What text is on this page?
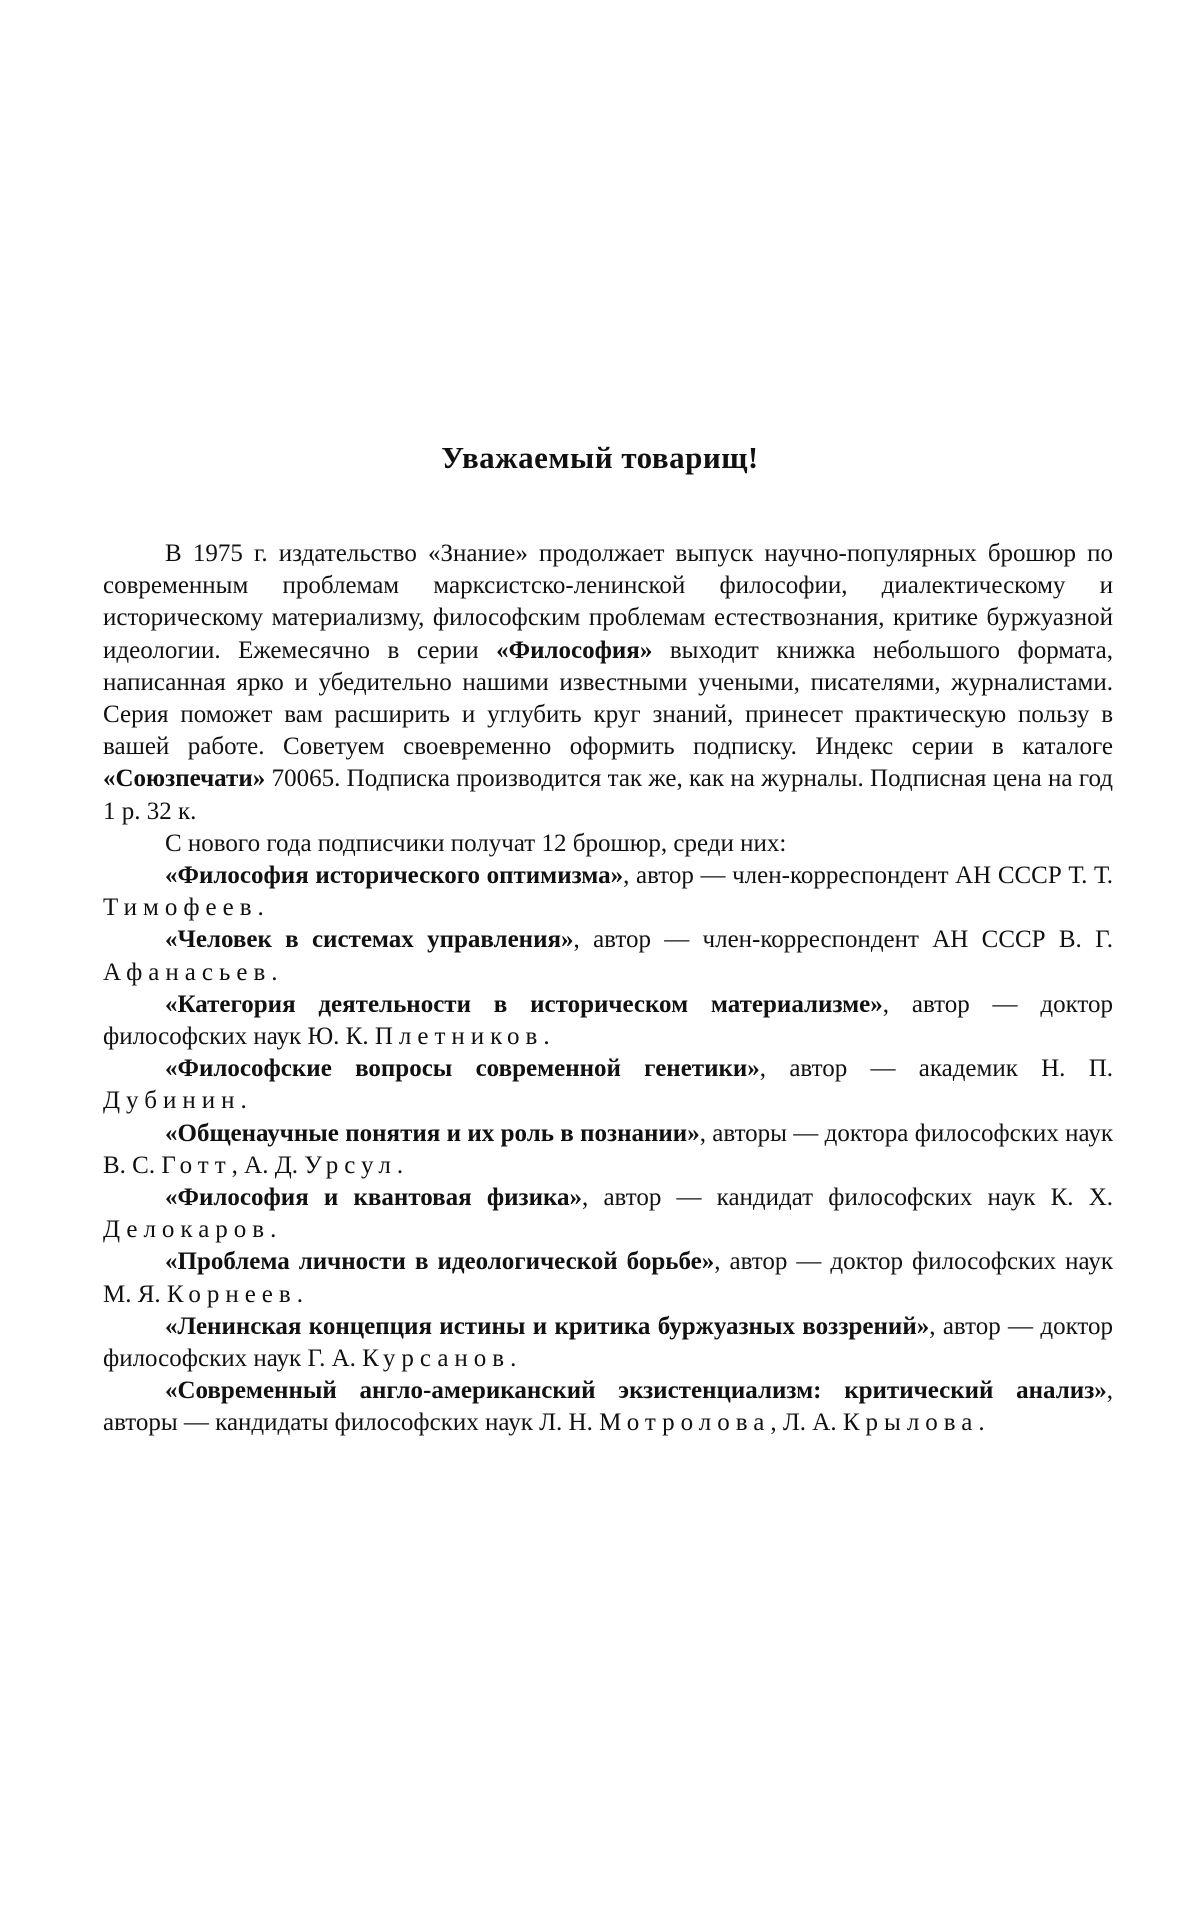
Уважаемый товарищ!

В 1975 г. издательство «Знание» продолжает выпуск научно-популярных брошюр по современным проблемам марксистско-ленинской философии, диалектическому и историческому материализму, философским проблемам естествознания, критике буржуазной идеологии. Ежемесячно в серии «Философия» выходит книжка небольшого формата, написанная ярко и убедительно нашими известными учеными, писателями, журналистами. Серия поможет вам расширить и углубить круг знаний, принесет практическую пользу в вашей работе. Советуем своевременно оформить подписку. Индекс серии в каталоге «Союзпечати» 70065. Подписка производится так же, как на журналы. Подписная цена на год 1 р. 32 к.

С нового года подписчики получат 12 брошюр, среди них:

«Философия исторического оптимизма», автор — член-корреспондент АН СССР Т. Т. Тимофеев.

«Человек в системах управления», автор — член-корреспондент АН СССР В. Г. Афанасьев.

«Категория деятельности в историческом материализме», автор — доктор философских наук Ю. К. Плетников.

«Философские вопросы современной генетики», автор — академик Н. П. Дубинин.

«Общенаучные понятия и их роль в познании», авторы — доктора философских наук В. С. Готт, А. Д. Урсул.

«Философия и квантовая физика», автор — кандидат философских наук К. Х. Делокаров.

«Проблема личности в идеологической борьбе», автор — доктор философских наук М. Я. Корнеев.

«Ленинская концепция истины и критика буржуазных воззрений», автор — доктор философских наук Г. А. Курсанов.

«Современный англо-американский экзистенциализм: критический анализ», авторы — кандидаты философских наук Л. Н. Мотролова, Л. А. Крылова.
